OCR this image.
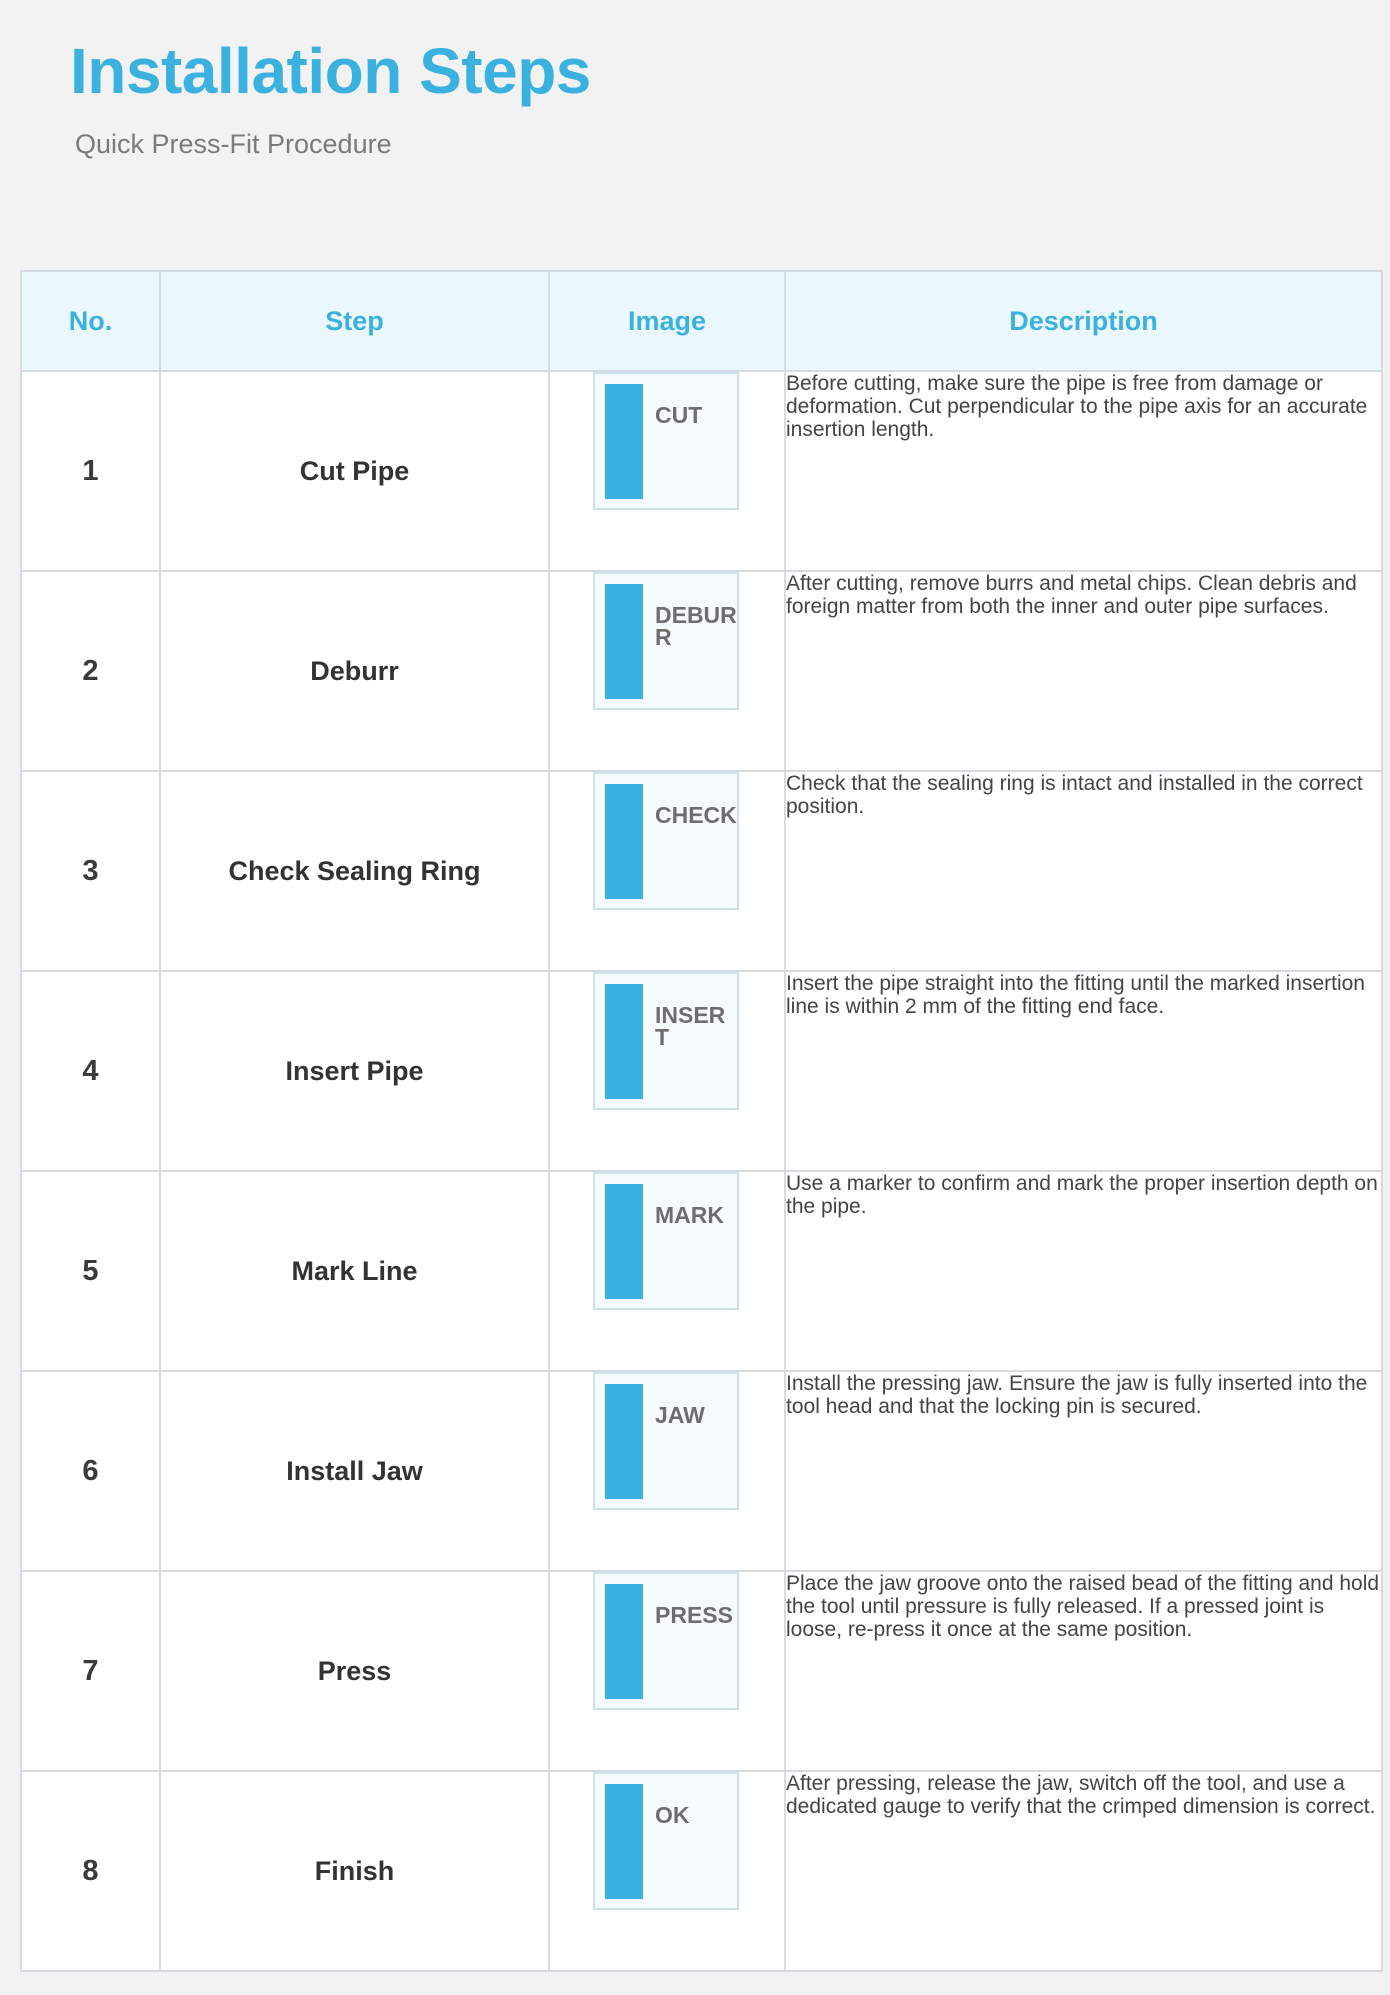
Installation Steps
Quick Press-Fit Procedure
No.	Step	Image	Description
1	Cut Pipe	CUT	Before cutting, make sure the pipe is free from damage or deformation. Cut perpendicular to the pipe axis for an accurate insertion length.
2	Deburr	DEBURR	After cutting, remove burrs and metal chips. Clean debris and foreign matter from both the inner and outer pipe surfaces.
3	Check Sealing Ring	CHECK	Check that the sealing ring is intact and installed in the correct position.
4	Insert Pipe	INSERT	Insert the pipe straight into the fitting until the marked insertion line is within 2 mm of the fitting end face.
5	Mark Line	MARK	Use a marker to confirm and mark the proper insertion depth on the pipe.
6	Install Jaw	JAW	Install the pressing jaw. Ensure the jaw is fully inserted into the tool head and that the locking pin is secured.
7	Press	PRESS	Place the jaw groove onto the raised bead of the fitting and hold the tool until pressure is fully released. If a pressed joint is loose, re-press it once at the same position.
8	Finish	OK	After pressing, release the jaw, switch off the tool, and use a dedicated gauge to verify that the crimped dimension is correct.
